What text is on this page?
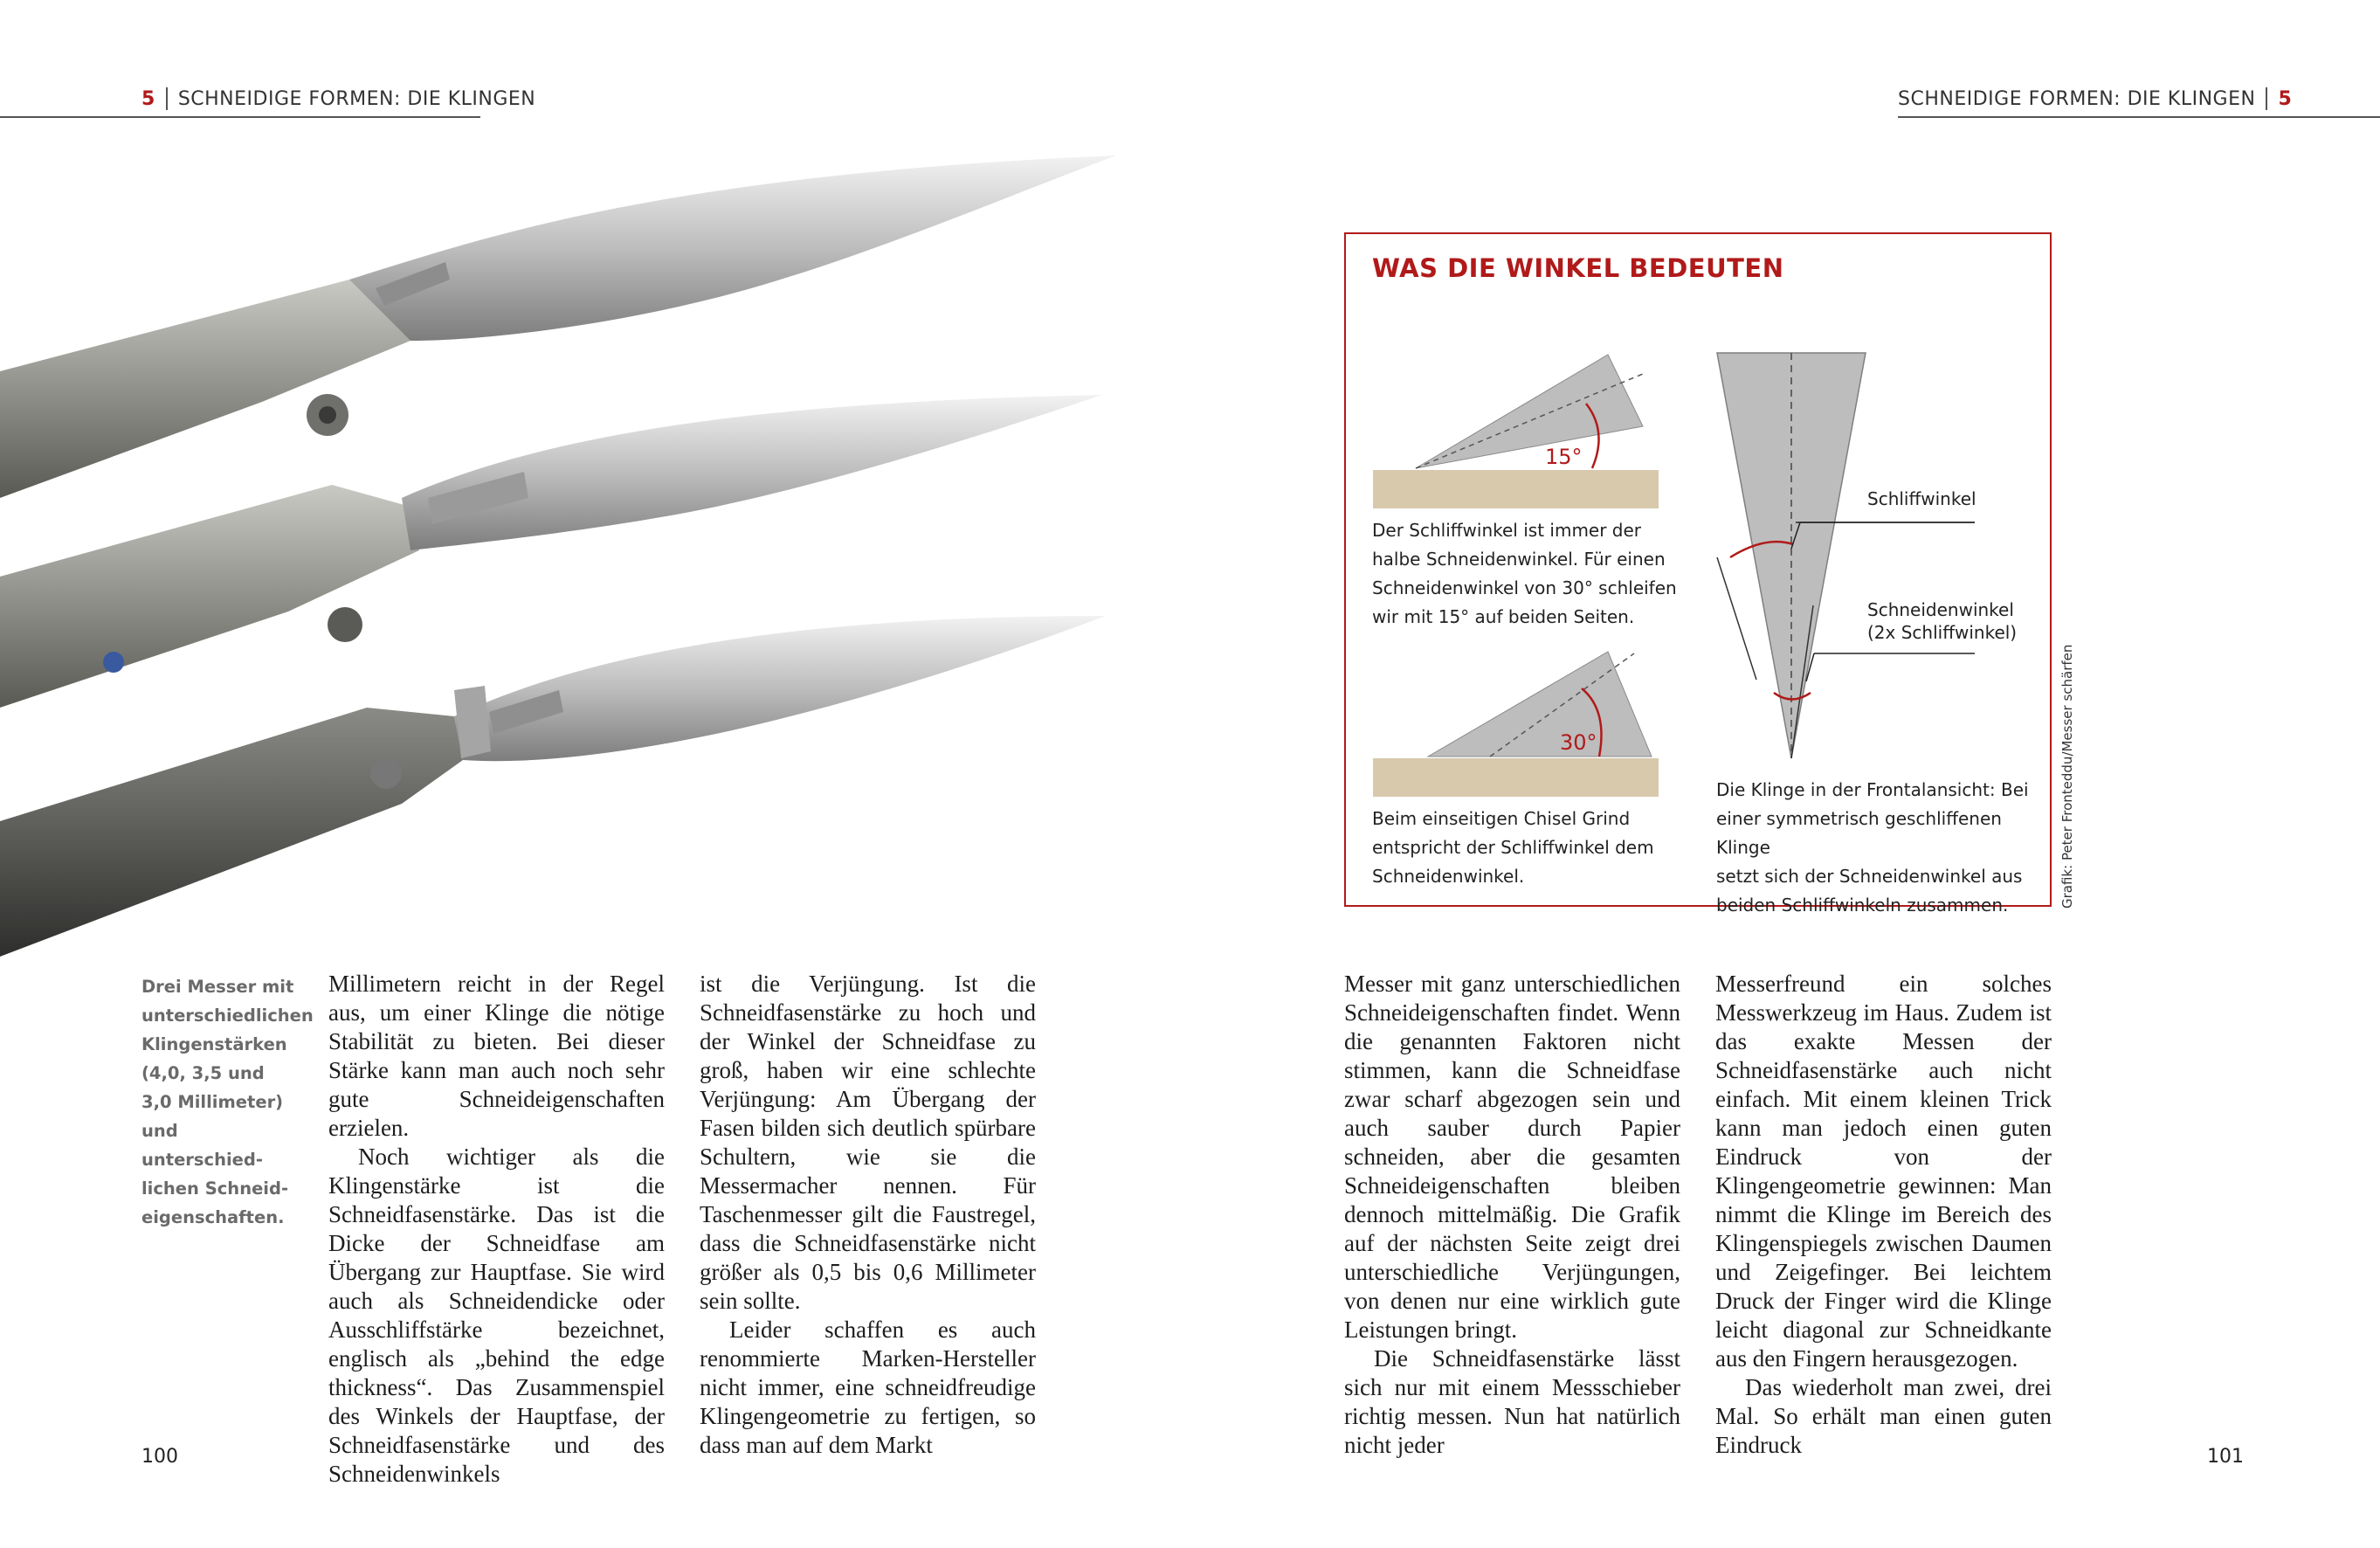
5 SCHNEIDIGE FORMEN: DIE KLINGEN	SCHNEIDIGE FORMEN: DIE KLINGEN 5
Drei Messer mit
unterschiedlichen
Klingenstärken
(4,0, 3,5 und
3,0 Millimeter)
und unterschied-
lichen Schneid-
eigenschaften.

Millimetern reicht in der Regel aus, um einer Klinge die nötige Stabilität zu bieten. Bei dieser Stärke kann man auch noch sehr gute Schneideigenschaften erzielen.

Noch wichtiger als die Klingenstärke ist die Schneidfasenstärke. Das ist die Dicke der Schneidfase am Übergang zur Hauptfase. Sie wird auch als Schneidendicke oder Ausschliffstärke bezeichnet, englisch als „behind the edge thickness“. Das Zusammenspiel des Winkels der Hauptfase, der Schneidfasenstärke und des Schneidenwinkels

ist die Verjüngung. Ist die Schneidfasenstärke zu hoch und der Winkel der Schneidfase zu groß, haben wir eine schlechte Verjüngung: Am Übergang der Fasen bilden sich deutlich spürbare Schultern, wie sie die Messermacher nennen. Für Taschenmesser gilt die Faustregel, dass die Schneidfasenstärke nicht größer als 0,5 bis 0,6 Millimeter sein sollte.

Leider schaffen es auch renommierte Marken-Hersteller nicht immer, eine schneidfreudige Klingengeometrie zu fertigen, so dass man auf dem Markt

WAS DIE WINKEL BEDEUTEN
15°
30°
Schliffwinkel
Schneidenwinkel
(2x Schliffwinkel)
Der Schliffwinkel ist immer der
halbe Schneidenwinkel. Für einen
Schneidenwinkel von 30° schleifen
wir mit 15° auf beiden Seiten.
Beim einseitigen Chisel Grind
entspricht der Schliffwinkel dem
Schneidenwinkel.
Die Klinge in der Frontalansicht: Bei
einer symmetrisch geschliffenen Klinge
setzt sich der Schneidenwinkel aus
beiden Schliffwinkeln zusammen.	Grafik: Peter Fronteddu/Messer schärfen

Messer mit ganz unterschiedlichen Schneideigenschaften findet. Wenn die genannten Faktoren nicht stimmen, kann die Schneidfase zwar scharf abgezogen sein und auch sauber durch Papier schneiden, aber die gesamten Schneideigenschaften bleiben dennoch mittelmäßig. Die Grafik auf der nächsten Seite zeigt drei unterschiedliche Verjüngungen, von denen nur eine wirklich gute Leistungen bringt.

Die Schneidfasenstärke lässt sich nur mit einem Messschieber richtig messen. Nun hat natürlich nicht jeder

Messerfreund ein solches Messwerkzeug im Haus. Zudem ist das exakte Messen der Schneidfasenstärke auch nicht einfach. Mit einem kleinen Trick kann man jedoch einen guten Eindruck von der Klingengeometrie gewinnen: Man nimmt die Klinge im Bereich des Klingenspiegels zwischen Daumen und Zeigefinger. Bei leichtem Druck der Finger wird die Klinge leicht diagonal zur Schneidkante aus den Fingern herausgezogen.

Das wiederholt man zwei, drei Mal. So erhält man einen guten Eindruck

100	101
